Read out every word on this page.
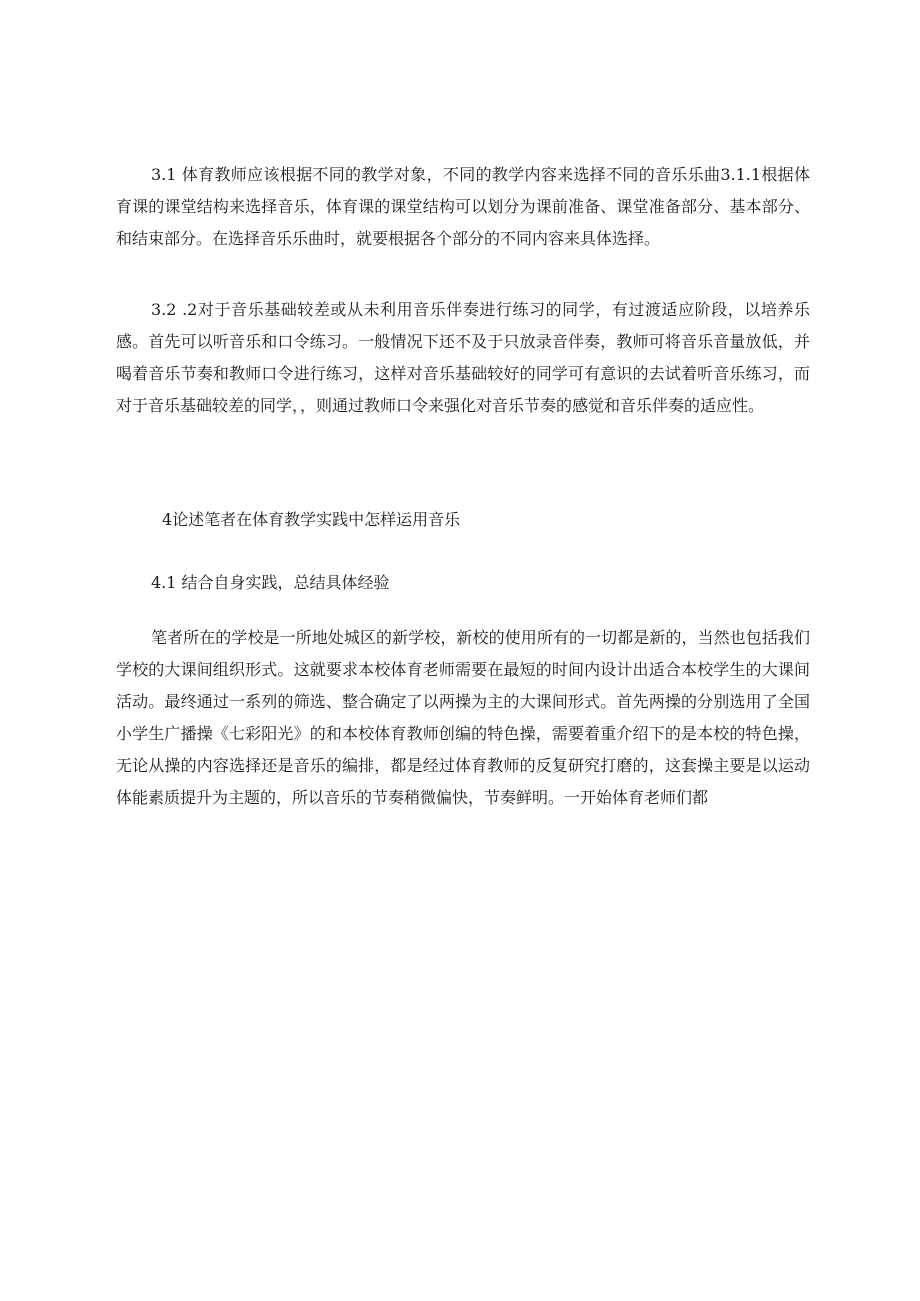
3.1 体育教师应该根据不同的教学对象，不同的教学内容来选择不同的音乐乐曲3.1.1根据体育课的课堂结构来选择音乐，体育课的课堂结构可以划分为课前准备、课堂准备部分、基本部分、和结束部分。在选择音乐乐曲时，就要根据各个部分的不同内容来具体选择。

3.2 .2对于音乐基础较差或从未利用音乐伴奏进行练习的同学，有过渡适应阶段，以培养乐感。首先可以听音乐和口令练习。一般情况下还不及于只放录音伴奏，教师可将音乐音量放低，并喝着音乐节奏和教师口令进行练习，这样对音乐基础较好的同学可有意识的去试着听音乐练习，而对于音乐基础较差的同学，，则通过教师口令来强化对音乐节奏的感觉和音乐伴奏的适应性。

4论述笔者在体育教学实践中怎样运用音乐

4.1 结合自身实践，总结具体经验

笔者所在的学校是一所地处城区的新学校，新校的使用所有的一切都是新的，当然也包括我们学校的大课间组织形式。这就要求本校体育老师需要在最短的时间内设计出适合本校学生的大课间活动。最终通过一系列的筛选、整合确定了以两操为主的大课间形式。首先两操的分别选用了全国小学生广播操《七彩阳光》的和本校体育教师创编的特色操，需要着重介绍下的是本校的特色操，无论从操的内容选择还是音乐的编排，都是经过体育教师的反复研究打磨的，这套操主要是以运动体能素质提升为主题的，所以音乐的节奏稍微偏快，节奏鲜明。一开始体育老师们都
